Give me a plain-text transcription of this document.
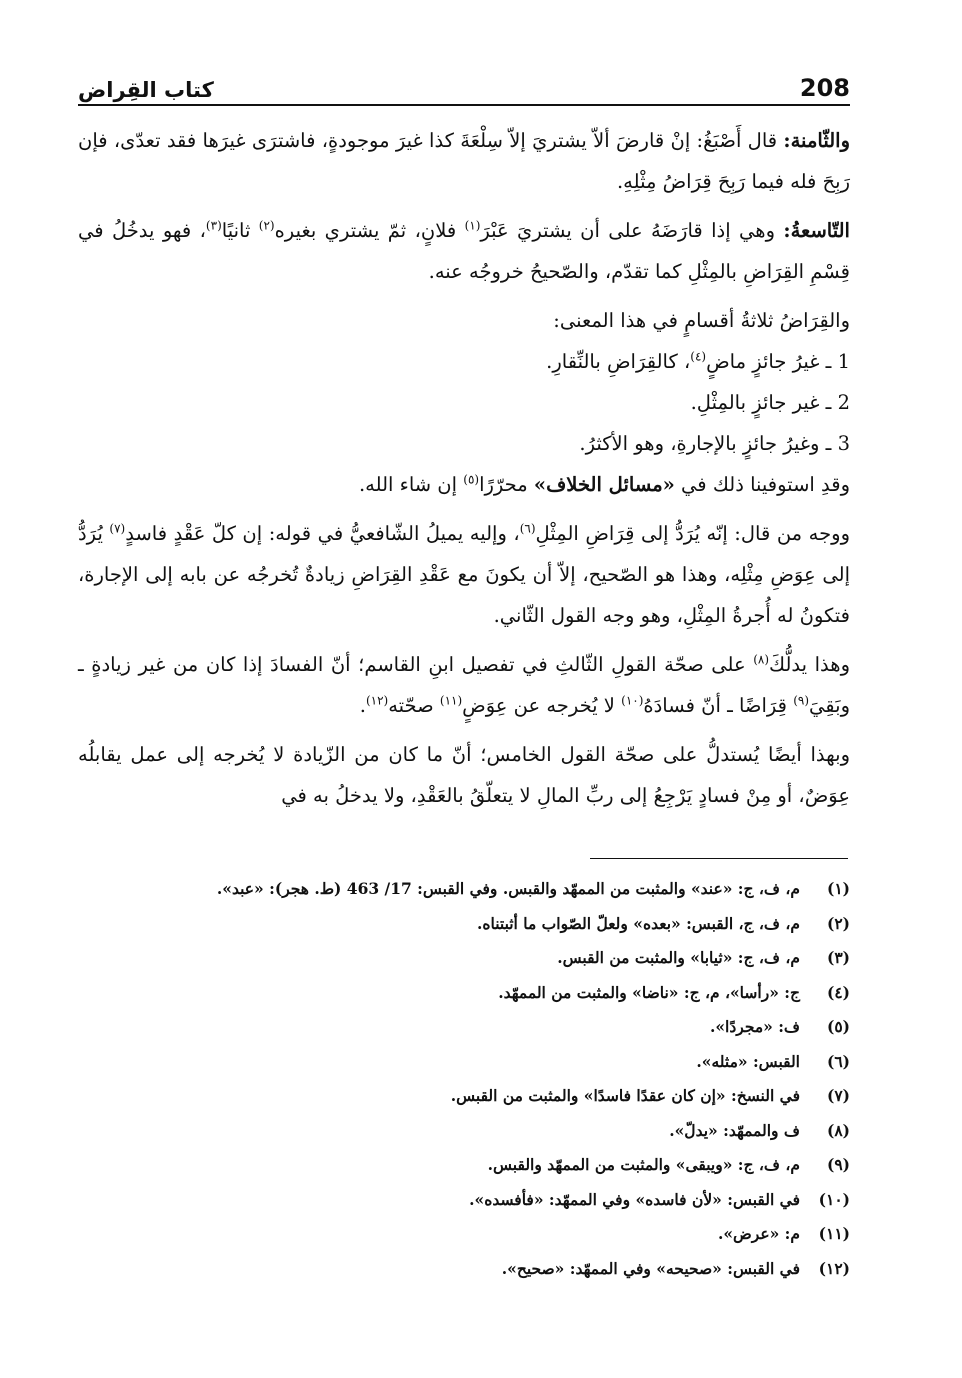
كتاب القِراض	208

والثّامنة: قال أَصْبَغُ: إنْ قارضَ ألاّ يشتريَ إلاّ سِلْعَةَ كذا غيرَ موجودةٍ، فاشترَى غيرَها فقد تعدّى، فإن رَبِحَ فله فيما رَبِحَ قِرَاضُ مِثْلِهِ.

التّاسعةُ: وهي إذا قارَضَهُ على أن يشتريَ عَبْرَ$^{(١)}$ فلانٍ، ثمّ يشتري بغيره$^{(٢)}$ ثانيًا$^{(٣)}$، فهو يدخُلُ في قِسْمِ القِرَاضِ بالمِثْلِ كما تقدّم، والصّحيحُ خروجُه عنه.

والقِرَاضُ ثلاثةُ أقسامٍ في هذا المعنى:

1 ـ غيرُ جائزٍ ماضٍ$^{(٤)}$، كالقِرَاضِ بالنِّقارِ.

2 ـ غير جائزٍ بالمِثْلِ.

3 ـ وغيرُ جائزٍ بالإجارةِ، وهو الأكثرُ.

وقدِ استوفينا ذلك في «مسائل الخلاف» محرّرًا$^{(٥)}$ إن شاء الله.

ووجه من قال: إنّه يُرَدُّ إلى قِرَاضِ المِثْلِ$^{(٦)}$، وإليه يميلُ الشّافعيُّ في قوله: إن كلّ عَقْدٍ فاسدٍ$^{(٧)}$ يُرَدُّ إلى عِوَضِ مِثْلِه، وهذا هو الصّحيح، إلاّ أن يكونَ مع عَقْدِ القِرَاضِ زيادةٌ تُخرجُه عن بابه إلى الإجارة، فتكونُ له أُجرةُ المِثْلِ، وهو وجه القول الثّاني.

وهذا يدلُّكَ$^{(٨)}$ على صحّة القولِ الثّالثِ في تفصيل ابنِ القاسم؛ أنّ الفسادَ إذا كان من غير زيادةٍ ـ وبَقِيَ$^{(٩)}$ قِرَاضًا ـ أنّ فسادَهُ$^{(١٠)}$ لا يُخرجه عن عِوَضٍ$^{(١١)}$ صحّته$^{(١٢)}$.

وبهذا أيضًا يُستدلُّ على صحّة القول الخامس؛ أنّ ما كان من الزّيادة لا يُخرجه إلى عمل يقابلُه عِوَضٌ، أو مِنْ فسادٍ يَرْجِعُ إلى ربِّ المالِ لا يتعلّقُ بالعَقْدِ، ولا يدخلُ به في

(١)
م، ف، ج: «عند» والمثبت من الممهّد والقبس. وفي القبس: 17/ 463 (ط. هجر): «عبد».
(٢)
م، ف، ج، القبس: «بعده» ولعلّ الصّواب ما أثبتناه.
(٣)
م، ف، ج: «ثيابا» والمثبت من القبس.
(٤)
ج: «رأسا»، م، ج: «ناضا» والمثبت من الممهّد.
(٥)
ف: «مجردًا».
(٦)
القبس: «مثله».
(٧)
في النسخ: «إن كان عقدًا فاسدًا» والمثبت من القبس.
(٨)
ف والممهّد: «يدلّ».
(٩)
م، ف، ج: «ويبقى» والمثبت من الممهّد والقبس.
(١٠)
في القبس: «لأن فاسده» وفي الممهّد: «فأفسده».
(١١)
م: «عرض».
(١٢)
في القبس: «صحيحه» وفي الممهّد: «صحيح».
